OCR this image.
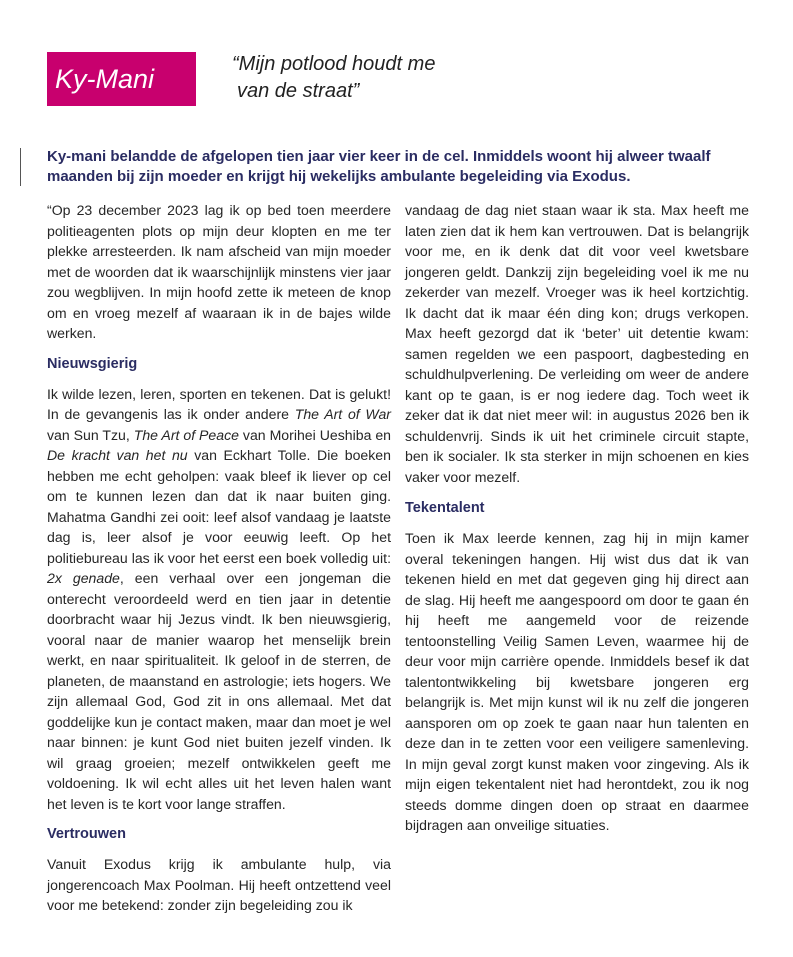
Ky-Mani	“Mijn potlood houdt me
van de straat”
Ky-mani belandde de afgelopen tien jaar vier keer in de cel. Inmiddels woont hij alweer twaalf maanden bij zijn moeder en krijgt hij wekelijks ambulante begeleiding via Exodus.

“Op 23 december 2023 lag ik op bed toen meerdere politieagenten plots op mijn deur klopten en me ter plekke arresteerden. Ik nam afscheid van mijn moeder met de woorden dat ik waarschijnlijk minstens vier jaar zou wegblijven. In mijn hoofd zette ik meteen de knop om en vroeg mezelf af waaraan ik in de bajes wilde werken.

Nieuwsgierig

Ik wilde lezen, leren, sporten en tekenen. Dat is gelukt! In de gevangenis las ik onder andere The Art of War van Sun Tzu, The Art of Peace van Morihei Ueshiba en De kracht van het nu van Eckhart Tolle. Die boeken hebben me echt geholpen: vaak bleef ik liever op cel om te kunnen lezen dan dat ik naar buiten ging. Mahatma Gandhi zei ooit: leef alsof vandaag je laatste dag is, leer alsof je voor eeuwig leeft. Op het politiebureau las ik voor het eerst een boek volledig uit: 2x genade, een verhaal over een jongeman die onterecht veroordeeld werd en tien jaar in detentie doorbracht waar hij Jezus vindt. Ik ben nieuwsgierig, vooral naar de manier waarop het menselijk brein werkt, en naar spiritualiteit. Ik geloof in de sterren, de planeten, de maanstand en astrologie; iets hogers. We zijn allemaal God, God zit in ons allemaal. Met dat goddelijke kun je contact maken, maar dan moet je wel naar binnen: je kunt God niet buiten jezelf vinden. Ik wil graag groeien; mezelf ontwikkelen geeft me voldoening. Ik wil echt alles uit het leven halen want het leven is te kort voor lange straffen.

Vertrouwen

Vanuit Exodus krijg ik ambulante hulp, via jongerencoach Max Poolman. Hij heeft ontzettend veel voor me betekend: zonder zijn begeleiding zou ik

vandaag de dag niet staan waar ik sta. Max heeft me laten zien dat ik hem kan vertrouwen. Dat is belangrijk voor me, en ik denk dat dit voor veel kwetsbare jongeren geldt. Dankzij zijn begeleiding voel ik me nu zekerder van mezelf. Vroeger was ik heel kortzichtig. Ik dacht dat ik maar één ding kon; drugs verkopen. Max heeft gezorgd dat ik ‘beter’ uit detentie kwam: samen regelden we een paspoort, dagbesteding en schuldhulpverlening. De verleiding om weer de andere kant op te gaan, is er nog iedere dag. Toch weet ik zeker dat ik dat niet meer wil: in augustus 2026 ben ik schuldenvrij. Sinds ik uit het criminele circuit stapte, ben ik socialer. Ik sta sterker in mijn schoenen en kies vaker voor mezelf.

Tekentalent

Toen ik Max leerde kennen, zag hij in mijn kamer overal tekeningen hangen. Hij wist dus dat ik van tekenen hield en met dat gegeven ging hij direct aan de slag. Hij heeft me aangespoord om door te gaan én hij heeft me aangemeld voor de reizende tentoonstelling Veilig Samen Leven, waarmee hij de deur voor mijn carrière opende. Inmiddels besef ik dat talentontwikkeling bij kwetsbare jongeren erg belangrijk is. Met mijn kunst wil ik nu zelf die jongeren aansporen om op zoek te gaan naar hun talenten en deze dan in te zetten voor een veiligere samenleving. In mijn geval zorgt kunst maken voor zingeving. Als ik mijn eigen tekentalent niet had herontdekt, zou ik nog steeds domme dingen doen op straat en daarmee bijdragen aan onveilige situaties.
